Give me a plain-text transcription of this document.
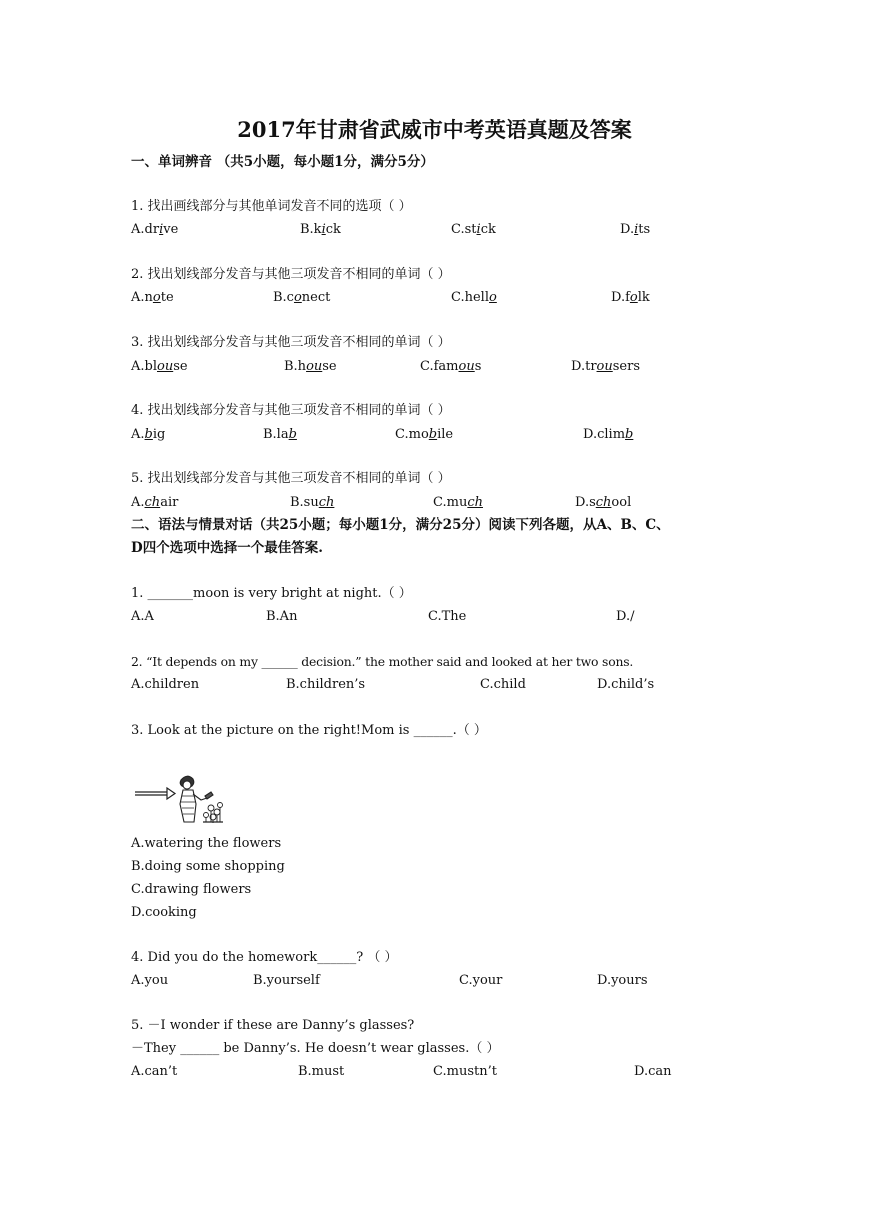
2017年甘肃省武威市中考英语真题及答案
一、单词辨音 （共5小题，每小题1分，满分5分）
1. 找出画线部分与其他单词发音不同的选项（ ）
A.drive	B.kick	C.stick	D.its
2. 找出划线部分发音与其他三项发音不相同的单词（ ）
A.note	B.conect	C.hello	D.folk
3. 找出划线部分发音与其他三项发音不相同的单词（ ）
A.blouse	B.house	C.famous	D.trousers
4. 找出划线部分发音与其他三项发音不相同的单词（ ）
A.big	B.lab	C.mobile	D.climb
5. 找出划线部分发音与其他三项发音不相同的单词（ ）
A.chair	B.such	C.much	D.school
二、语法与情景对话（共25小题；每小题1分，满分25分）阅读下列各题，从A、B、C、
D四个选项中选择一个最佳答案.
1. _______moon is very bright at night.（ ）
A.A	B.An	C.The	D./
2. “It depends on my ______ decision.” the mother said and looked at her two sons.
A.children	B.children’s	C.child	D.child’s
3. Look at the picture on the right!Mom is ______.（ ）
A.watering the flowers
B.doing some shopping
C.drawing flowers
D.cooking
4. Did you do the homework______? （ ）
A.you	B.yourself	C.your	D.yours
5. －I wonder if these are Danny’s glasses?
－They ______ be Danny’s. He doesn’t wear glasses.（ ）
A.can’t	B.must	C.mustn’t	D.can
